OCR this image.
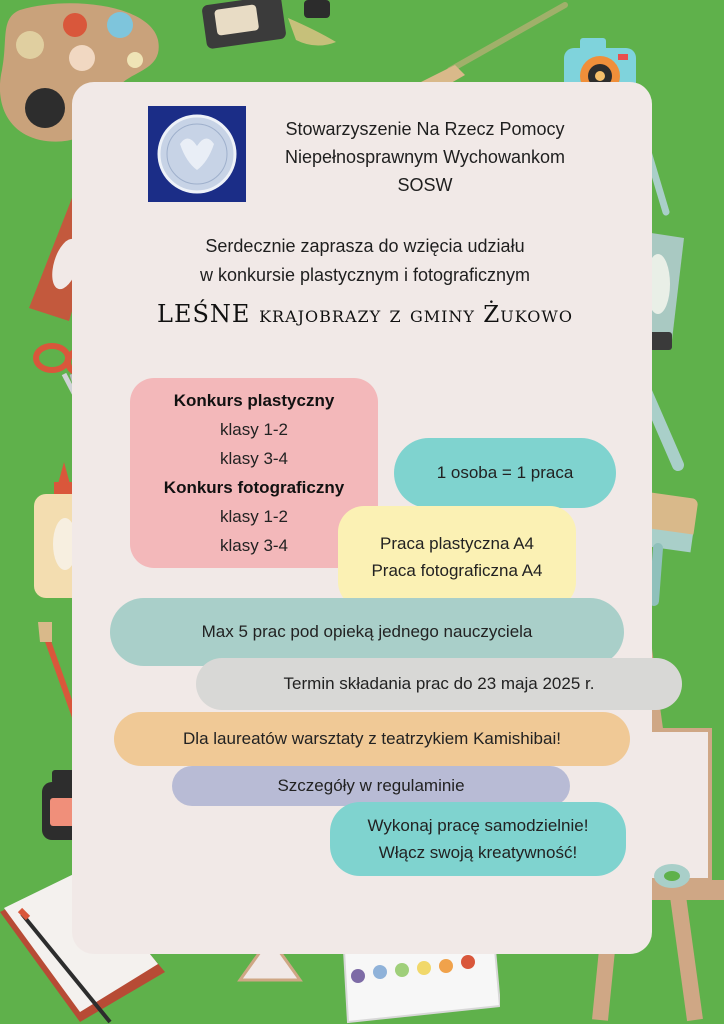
Stowarzyszenie Na Rzecz Pomocy
Niepełnosprawnym Wychowankom
SOSW
Serdecznie zaprasza do wzięcia udziału
w konkursie plastycznym i fotograficznym
LEŚNE krajobrazy z gminy Żukowo
Konkurs plastyczny
klasy 1-2
klasy 3-4
Konkurs fotograficzny
klasy 1-2
klasy 3-4
1 osoba = 1 praca
Praca plastyczna A4
Praca fotograficzna A4
Max 5 prac pod opieką jednego nauczyciela
Termin składania prac do 23 maja 2025 r.
Dla laureatów warsztaty z teatrzykiem Kamishibai!
Szczegóły w regulaminie
Wykonaj pracę samodzielnie!
Włącz swoją kreatywność!
